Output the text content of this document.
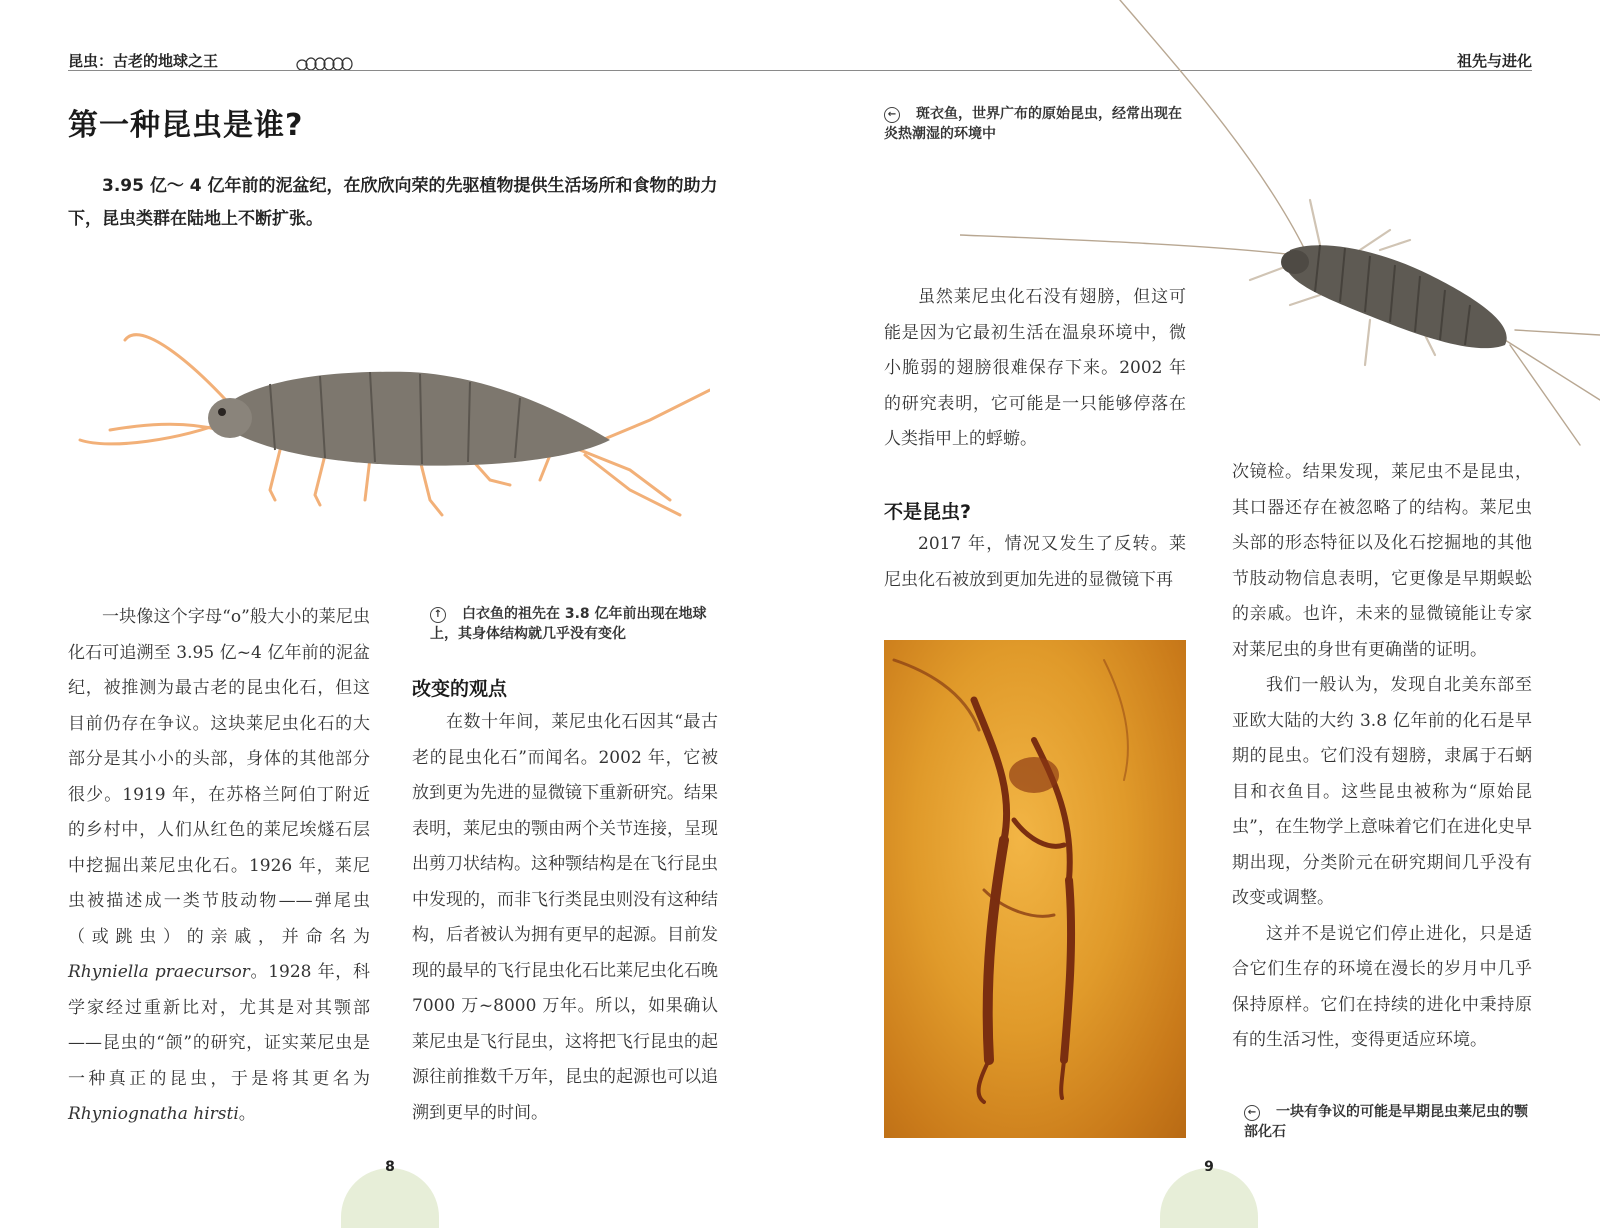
昆虫：古老的地球之王	祖先与进化
第一种昆虫是谁?
3.95 亿～ 4 亿年前的泥盆纪，在欣欣向荣的先驱植物提供生活场所和食物的助力下，昆虫类群在陆地上不断扩张。

一块像这个字母“o”般大小的莱尼虫化石可追溯至 3.95 亿~4 亿年前的泥盆纪，被推测为最古老的昆虫化石，但这目前仍存在争议。这块莱尼虫化石的大部分是其小小的头部，身体的其他部分很少。1919 年，在苏格兰阿伯丁附近的乡村中，人们从红色的莱尼埃燧石层中挖掘出莱尼虫化石。1926 年，莱尼虫被描述成一类节肢动物——弹尾虫（或跳虫）的亲戚，并命名为 Rhyniella praecursor。1928 年，科学家经过重新比对，尤其是对其颚部——昆虫的“颌”的研究，证实莱尼虫是一种真正的昆虫，于是将其更名为 Rhyniognatha hirsti。

↑ 白衣鱼的祖先在 3.8 亿年前出现在地球上，其身体结构就几乎没有变化
改变的观点

在数十年间，莱尼虫化石因其“最古老的昆虫化石”而闻名。2002 年，它被放到更为先进的显微镜下重新研究。结果表明，莱尼虫的颚由两个关节连接，呈现出剪刀状结构。这种颚结构是在飞行昆虫中发现的，而非飞行类昆虫则没有这种结构，后者被认为拥有更早的起源。目前发现的最早的飞行昆虫化石比莱尼虫化石晚 7000 万~8000 万年。所以，如果确认莱尼虫是飞行昆虫，这将把飞行昆虫的起源往前推数千万年，昆虫的起源也可以追溯到更早的时间。

8
← 斑衣鱼，世界广布的原始昆虫，经常出现在炎热潮湿的环境中

虽然莱尼虫化石没有翅膀，但这可能是因为它最初生活在温泉环境中，微小脆弱的翅膀很难保存下来。2002 年的研究表明，它可能是一只能够停落在人类指甲上的蜉蝣。

不是昆虫?

2017 年，情况又发生了反转。莱尼虫化石被放到更加先进的显微镜下再

次镜检。结果发现，莱尼虫不是昆虫，其口器还存在被忽略了的结构。莱尼虫头部的形态特征以及化石挖掘地的其他节肢动物信息表明，它更像是早期蜈蚣的亲戚。也许，未来的显微镜能让专家对莱尼虫的身世有更确凿的证明。

我们一般认为，发现自北美东部至亚欧大陆的大约 3.8 亿年前的化石是早期的昆虫。它们没有翅膀，隶属于石蛃目和衣鱼目。这些昆虫被称为“原始昆虫”，在生物学上意味着它们在进化史早期出现，分类阶元在研究期间几乎没有改变或调整。

这并不是说它们停止进化，只是适合它们生存的环境在漫长的岁月中几乎保持原样。它们在持续的进化中秉持原有的生活习性，变得更适应环境。

← 一块有争议的可能是早期昆虫莱尼虫的颚部化石
9
